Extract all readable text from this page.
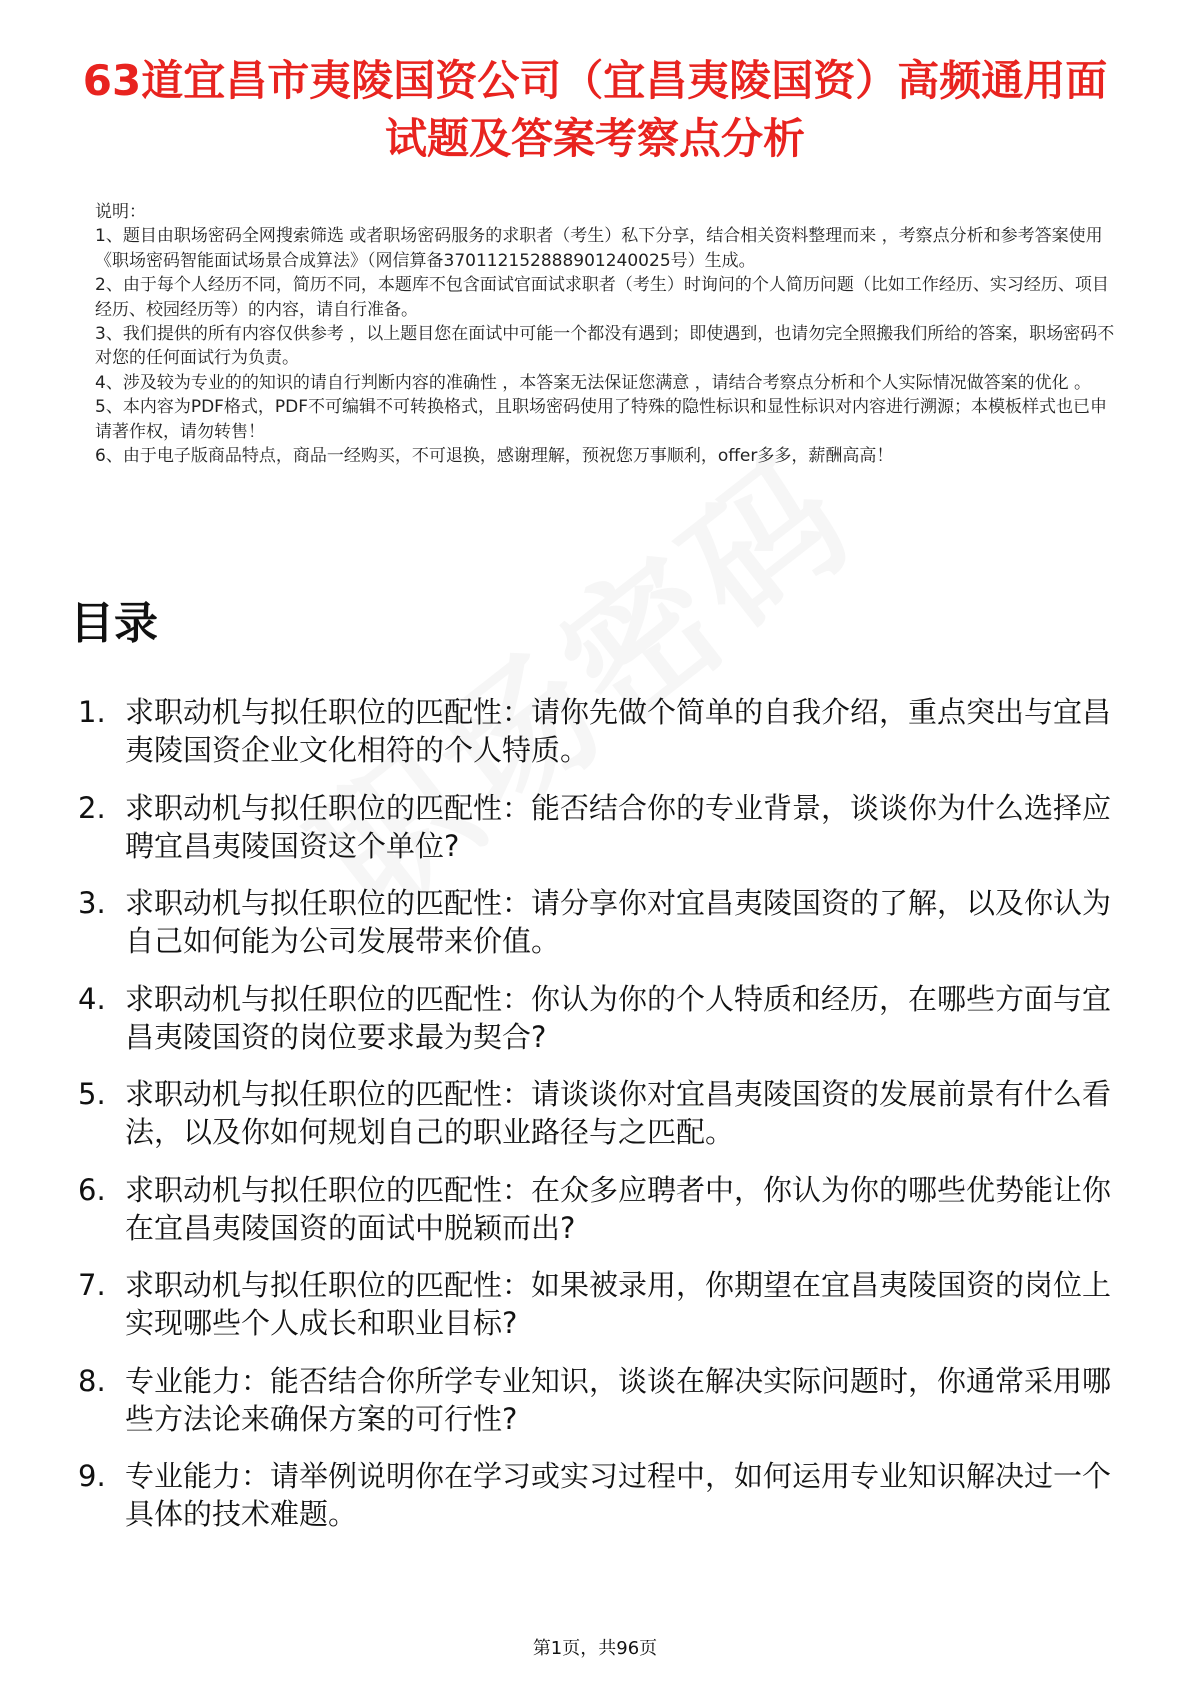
63道宜昌市夷陵国资公司（宜昌夷陵国资）高频通用面试题及答案考察点分析
说明：
1、题目由职场密码全网搜索筛选 或者职场密码服务的求职者（考生）私下分享，结合相关资料整理而来 ，考察点分析和参考答案使用《职场密码智能面试场景合成算法》（网信算备370112152888901240025号）生成。
2、由于每个人经历不同，简历不同，本题库不包含面试官面试求职者（考生）时询问的个人简历问题（比如工作经历、实习经历、项目经历、校园经历等）的内容，请自行准备。
3、我们提供的所有内容仅供参考 ，以上题目您在面试中可能一个都没有遇到；即使遇到，也请勿完全照搬我们所给的答案，职场密码不对您的任何面试行为负责。
4、涉及较为专业的的知识的请自行判断内容的准确性 ，本答案无法保证您满意 ，请结合考察点分析和个人实际情况做答案的优化 。
5、本内容为PDF格式，PDF不可编辑不可转换格式，且职场密码使用了特殊的隐性标识和显性标识对内容进行溯源；本模板样式也已申请著作权，请勿转售！
6、由于电子版商品特点，商品一经购买，不可退换，感谢理解，预祝您万事顺利，offer多多，薪酬高高！
目录
1. 求职动机与拟任职位的匹配性：请你先做个简单的自我介绍，重点突出与宜昌夷陵国资企业文化相符的个人特质。
2. 求职动机与拟任职位的匹配性：能否结合你的专业背景，谈谈你为什么选择应聘宜昌夷陵国资这个单位?
3. 求职动机与拟任职位的匹配性：请分享你对宜昌夷陵国资的了解，以及你认为自己如何能为公司发展带来价值。
4. 求职动机与拟任职位的匹配性：你认为你的个人特质和经历，在哪些方面与宜昌夷陵国资的岗位要求最为契合?
5. 求职动机与拟任职位的匹配性：请谈谈你对宜昌夷陵国资的发展前景有什么看法，以及你如何规划自己的职业路径与之匹配。
6. 求职动机与拟任职位的匹配性：在众多应聘者中，你认为你的哪些优势能让你在宜昌夷陵国资的面试中脱颖而出?
7. 求职动机与拟任职位的匹配性：如果被录用，你期望在宜昌夷陵国资的岗位上实现哪些个人成长和职业目标?
8. 专业能力：能否结合你所学专业知识，谈谈在解决实际问题时，你通常采用哪些方法论来确保方案的可行性?
9. 专业能力：请举例说明你在学习或实习过程中，如何运用专业知识解决过一个具体的技术难题。
第1页，共96页
